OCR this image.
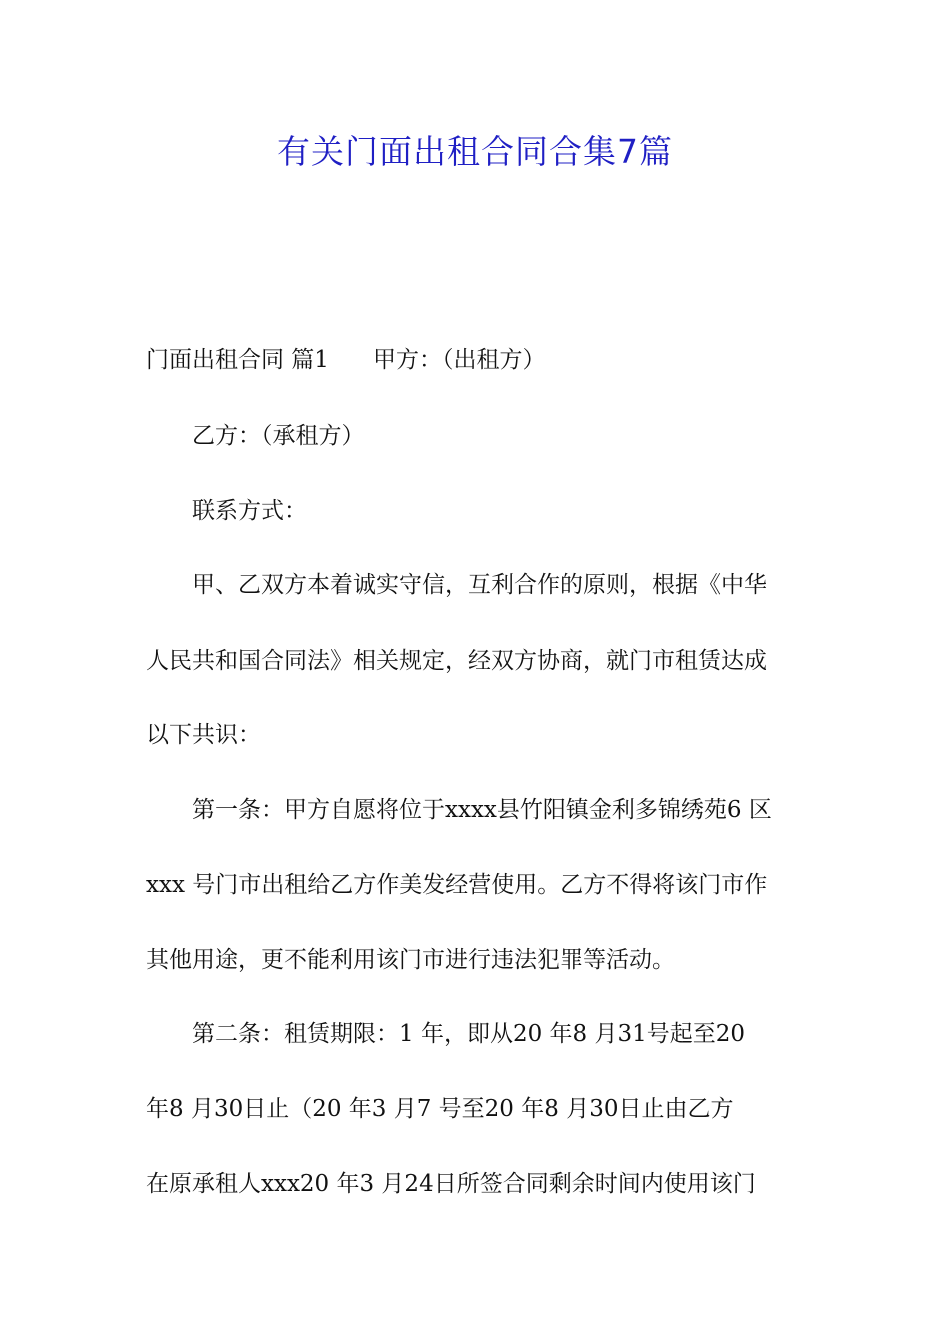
有关门面出租合同合集7篇

门面出租合同 篇1 甲方：（出租方）

乙方：（承租方）

联系方式：

甲、乙双方本着诚实守信，互利合作的原则，根据《中华

人民共和国合同法》相关规定，经双方协商，就门市租赁达成

以下共识：

第一条：甲方自愿将位于xxxx县竹阳镇金利多锦绣苑6 区

xxx 号门市出租给乙方作美发经营使用。乙方不得将该门市作

其他用途，更不能利用该门市进行违法犯罪等活动。

第二条：租赁期限：1 年，即从20 年8 月31号起至20

年8 月30日止（20 年3 月7 号至20 年8 月30日止由乙方

在原承租人xxx20 年3 月24日所签合同剩余时间内使用该门
